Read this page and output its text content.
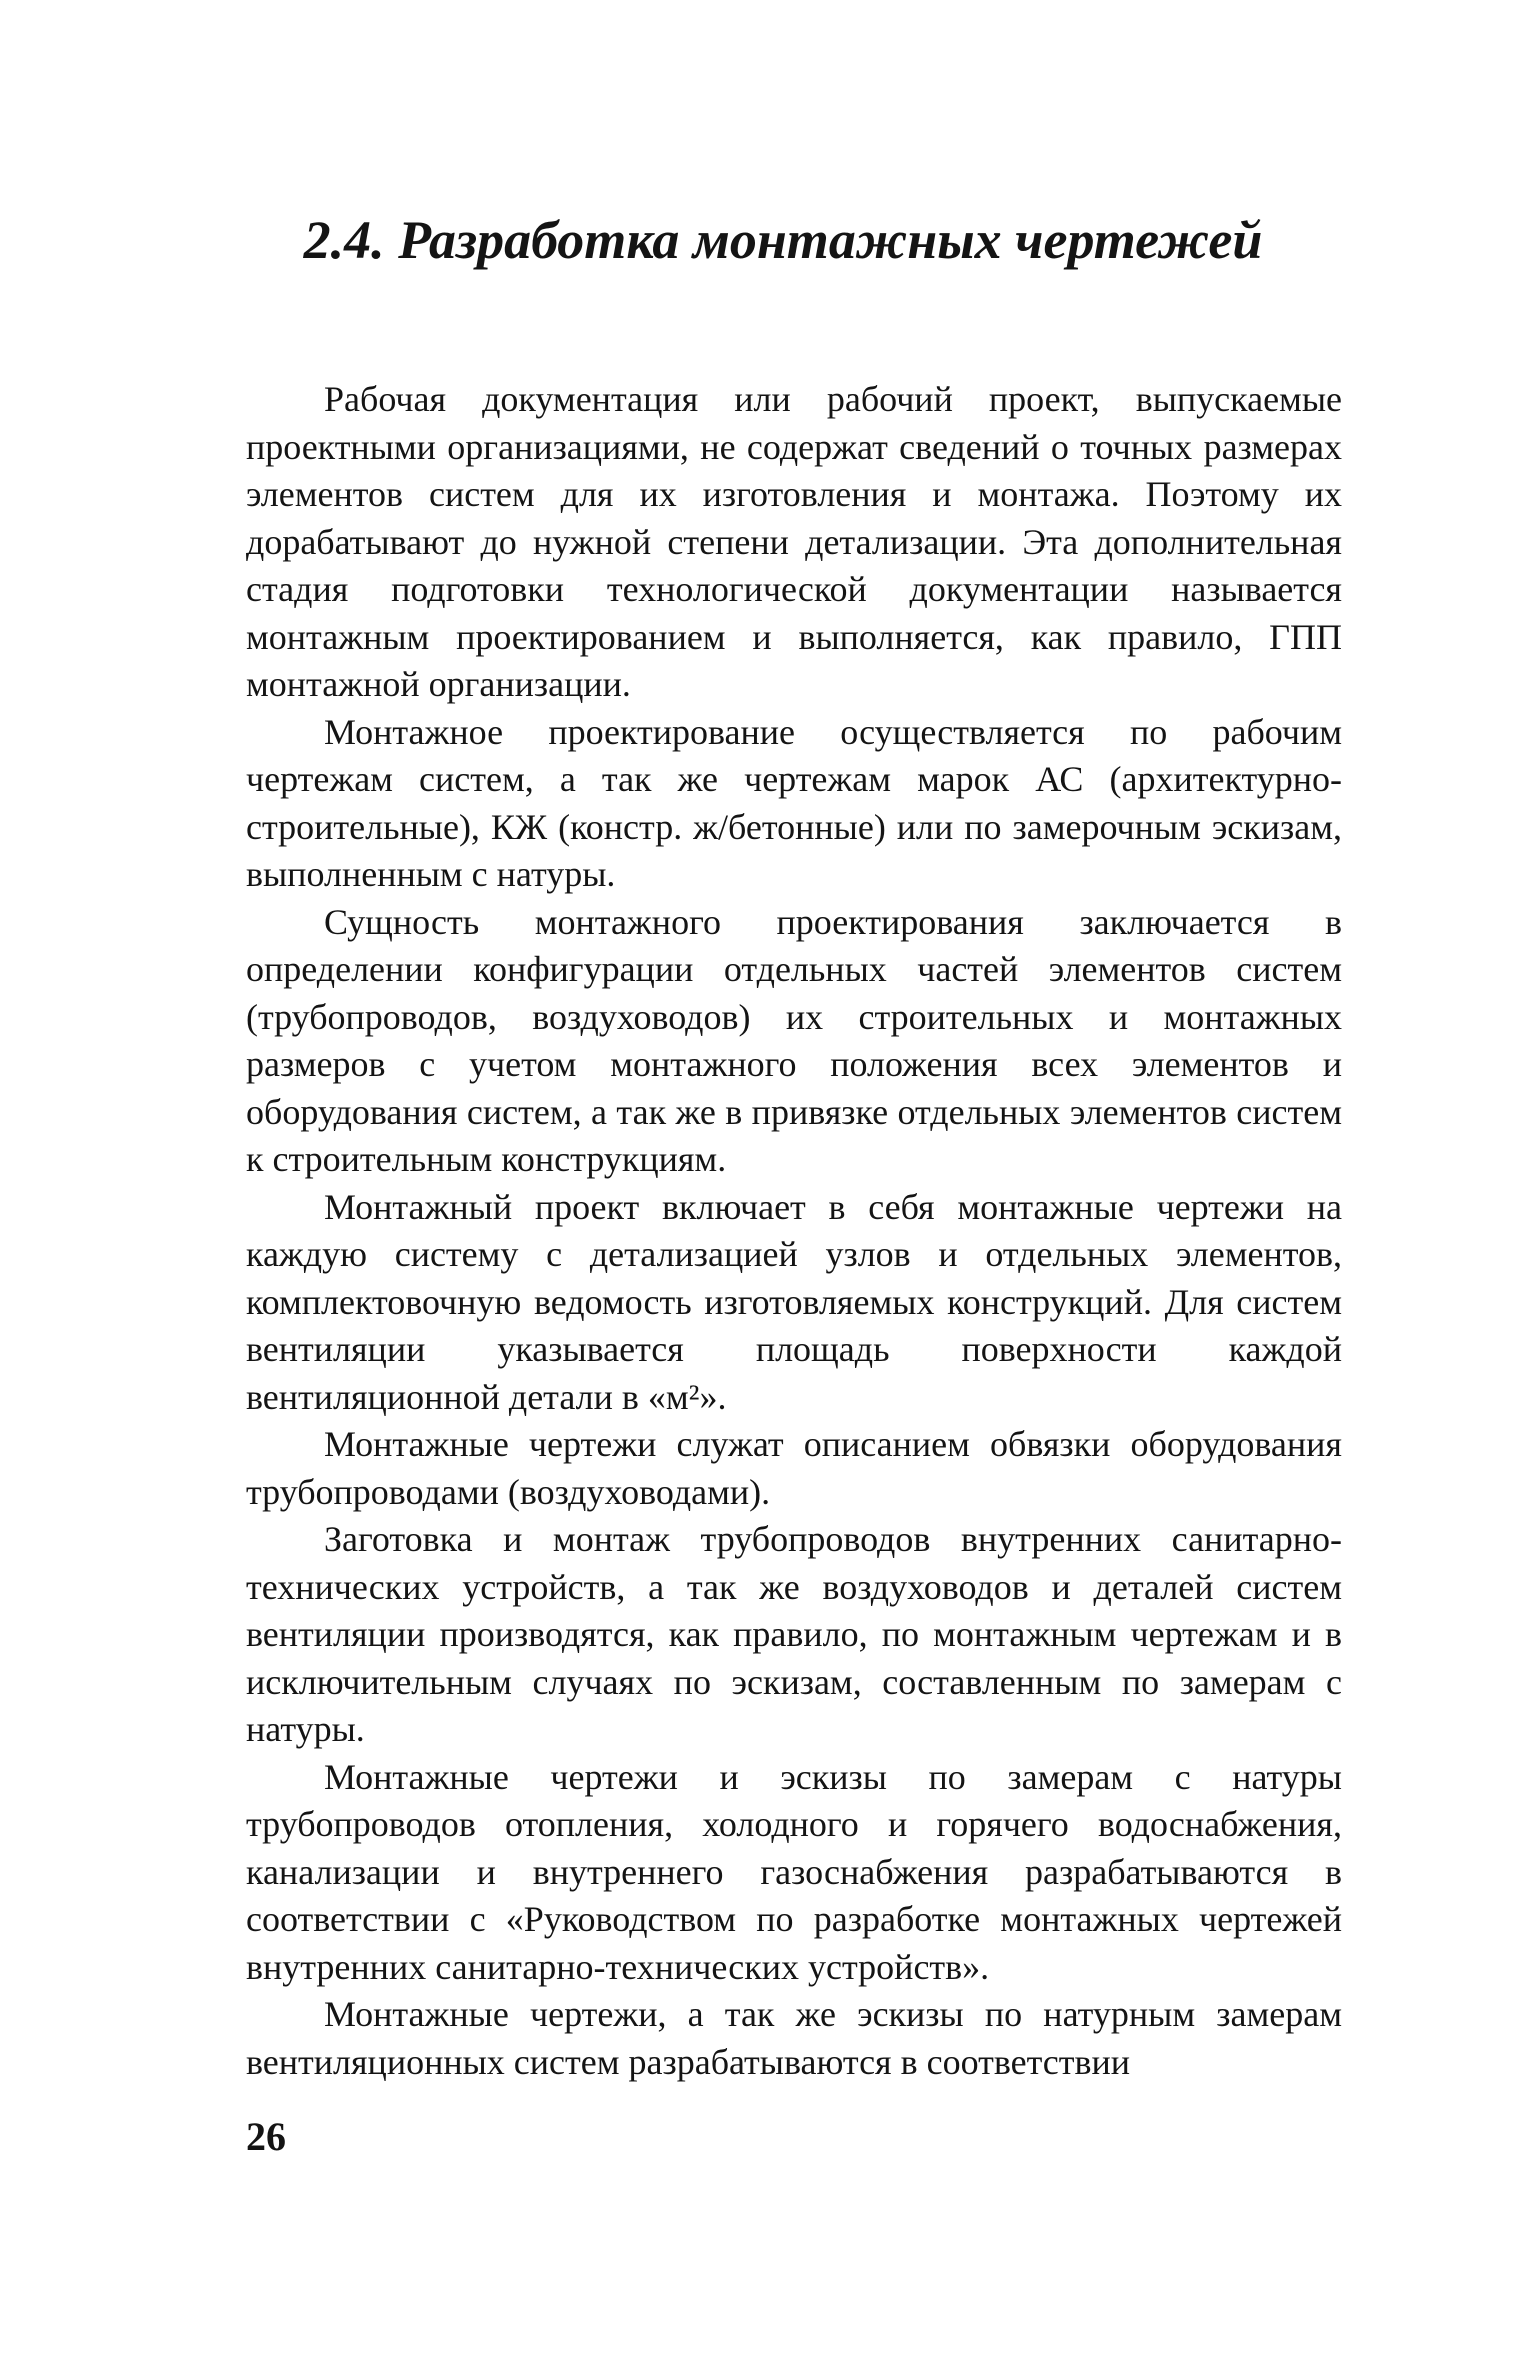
2.4. Разработка монтажных чертежей

Рабочая документация или рабочий проект, выпускаемые проектными организациями, не содержат сведений о точных размерах элементов систем для их изготовления и монтажа. Поэтому их дорабатывают до нужной степени детализации. Эта дополнительная стадия подготовки технологической документации называется монтажным проектированием и выполняется, как правило, ГПП монтажной организации.

Монтажное проектирование осуществляется по рабочим чертежам систем, а так же чертежам марок АС (архитектурно-строительные), КЖ (констр. ж/бетонные) или по замерочным эскизам, выполненным с натуры.

Сущность монтажного проектирования заключается в определении конфигурации отдельных частей элементов систем (трубопроводов, воздуховодов) их строительных и монтажных размеров с учетом монтажного положения всех элементов и оборудования систем, а так же в привязке отдельных элементов систем к строительным конструкциям.

Монтажный проект включает в себя монтажные чертежи на каждую систему с детализацией узлов и отдельных элементов, комплектовочную ведомость изготовляемых конструкций. Для систем вентиляции указывается площадь поверхности каждой вентиляционной детали в «м²».

Монтажные чертежи служат описанием обвязки оборудования трубопроводами (воздуховодами).

Заготовка и монтаж трубопроводов внутренних санитарно-технических устройств, а так же воздуховодов и деталей систем вентиляции производятся, как правило, по монтажным чертежам и в исключительным случаях по эскизам, составленным по замерам с натуры.

Монтажные чертежи и эскизы по замерам с натуры трубопроводов отопления, холодного и горячего водоснабжения, канализации и внутреннего газоснабжения разрабатываются в соответствии с «Руководством по разработке монтажных чертежей внутренних санитарно-технических устройств».

Монтажные чертежи, а так же эскизы по натурным замерам вентиляционных систем разрабатываются в соответствии

26
